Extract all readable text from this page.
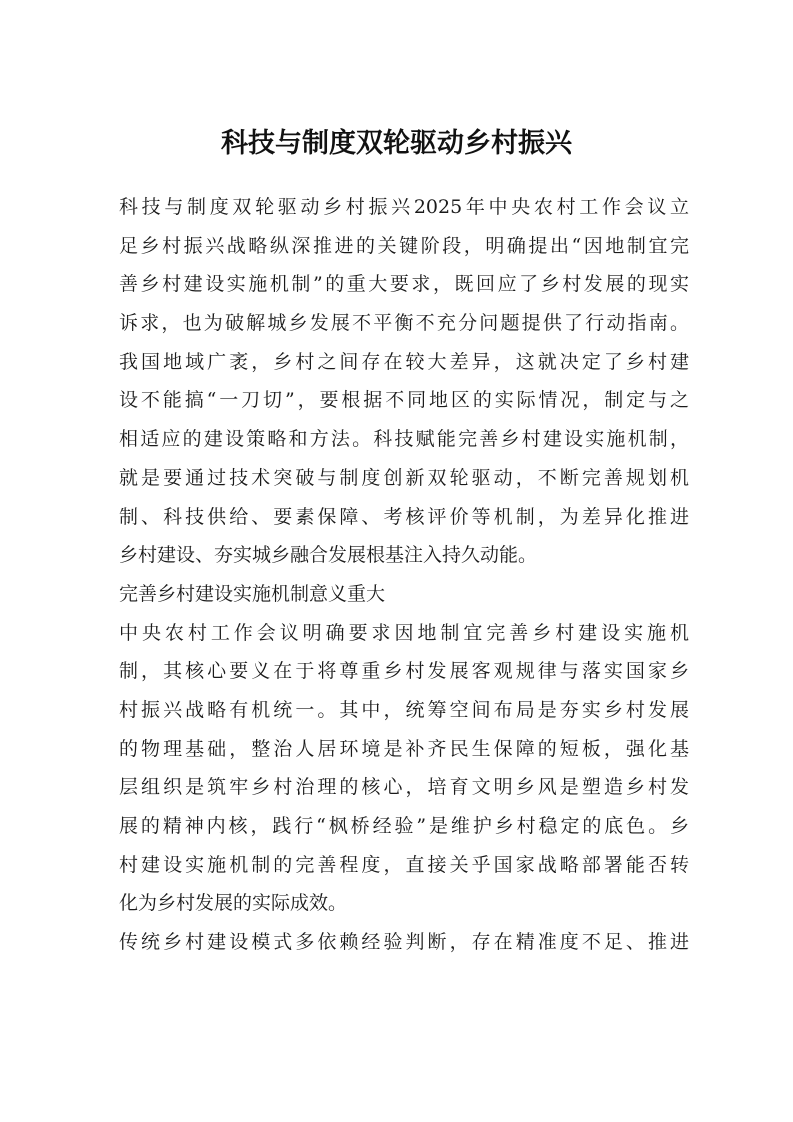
科技与制度双轮驱动乡村振兴
科技与制度双轮驱动乡村振兴2025年中央农村工作会议立
足乡村振兴战略纵深推进的关键阶段，明确提出“因地制宜完
善乡村建设实施机制”的重大要求，既回应了乡村发展的现实
诉求，也为破解城乡发展不平衡不充分问题提供了行动指南。
我国地域广袤，乡村之间存在较大差异，这就决定了乡村建
设不能搞“一刀切”，要根据不同地区的实际情况，制定与之
相适应的建设策略和方法。科技赋能完善乡村建设实施机制，
就是要通过技术突破与制度创新双轮驱动，不断完善规划机
制、科技供给、要素保障、考核评价等机制，为差异化推进
乡村建设、夯实城乡融合发展根基注入持久动能。
完善乡村建设实施机制意义重大
中央农村工作会议明确要求因地制宜完善乡村建设实施机
制，其核心要义在于将尊重乡村发展客观规律与落实国家乡
村振兴战略有机统一。其中，统筹空间布局是夯实乡村发展
的物理基础，整治人居环境是补齐民生保障的短板，强化基
层组织是筑牢乡村治理的核心，培育文明乡风是塑造乡村发
展的精神内核，践行“枫桥经验”是维护乡村稳定的底色。乡
村建设实施机制的完善程度，直接关乎国家战略部署能否转
化为乡村发展的实际成效。
传统乡村建设模式多依赖经验判断，存在精准度不足、推进
